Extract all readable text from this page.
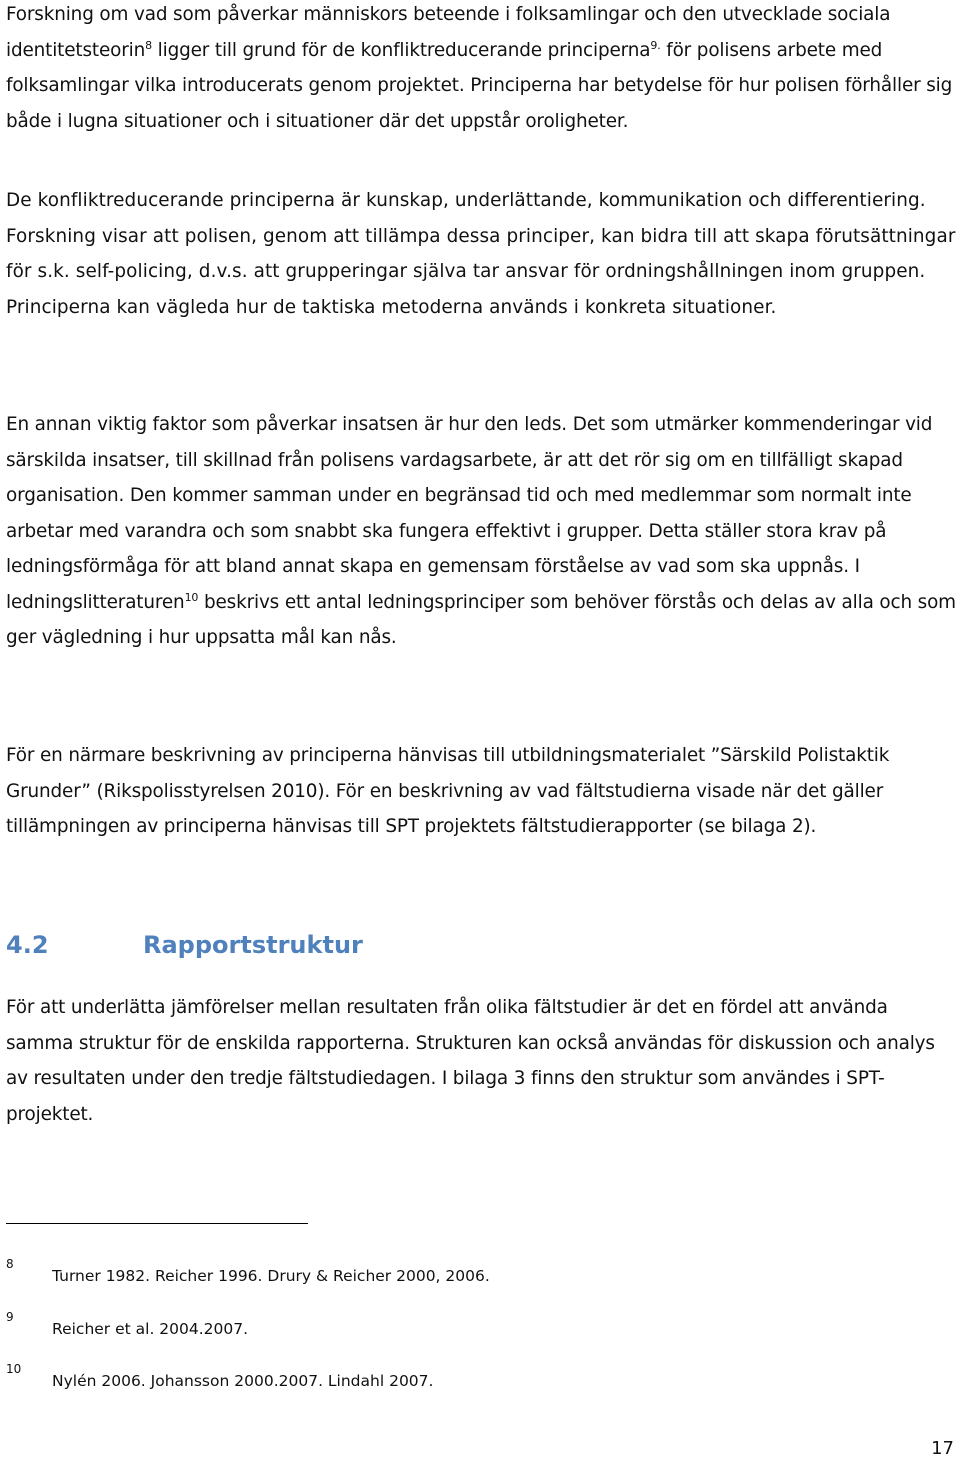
Forskning om vad som påverkar människors beteende i folksamlingar och den utvecklade sociala identitetsteorin$^8$ ligger till grund för de konfliktreducerande principerna$^{9.}$ för polisens arbete med folksamlingar vilka introducerats genom projektet. Principerna har betydelse för hur polisen förhåller sig både i lugna situationer och i situationer där det uppstår oroligheter.

De konfliktreducerande principerna är kunskap, underlättande, kommunikation och differentiering. Forskning visar att polisen, genom att tillämpa dessa principer, kan bidra till att skapa förutsättningar för s.k. self-policing, d.v.s. att grupperingar själva tar ansvar för ordningshållningen inom gruppen. Principerna kan vägleda hur de taktiska metoderna används i konkreta situationer.

En annan viktig faktor som påverkar insatsen är hur den leds. Det som utmärker kommenderingar vid särskilda insatser, till skillnad från polisens vardagsarbete, är att det rör sig om en tillfälligt skapad organisation. Den kommer samman under en begränsad tid och med medlemmar som normalt inte arbetar med varandra och som snabbt ska fungera effektivt i grupper. Detta ställer stora krav på ledningsförmåga för att bland annat skapa en gemensam förståelse av vad som ska uppnås. I ledningslitteraturen$^{10}$ beskrivs ett antal ledningsprinciper som behöver förstås och delas av alla och som ger vägledning i hur uppsatta mål kan nås.

För en närmare beskrivning av principerna hänvisas till utbildningsmaterialet ”Särskild Polistaktik Grunder” (Rikspolisstyrelsen 2010). För en beskrivning av vad fältstudierna visade när det gäller tillämpningen av principerna hänvisas till SPT projektets fältstudierapporter (se bilaga 2).

4.2	Rapportstruktur

För att underlätta jämförelser mellan resultaten från olika fältstudier är det en fördel att använda samma struktur för de enskilda rapporterna. Strukturen kan också användas för diskussion och analys av resultaten under den tredje fältstudiedagen. I bilaga 3 finns den struktur som användes i SPT-projektet.

8
Turner 1982. Reicher 1996. Drury & Reicher 2000, 2006.
9
Reicher et al. 2004.2007.
10
Nylén 2006. Johansson 2000.2007. Lindahl 2007.
17
